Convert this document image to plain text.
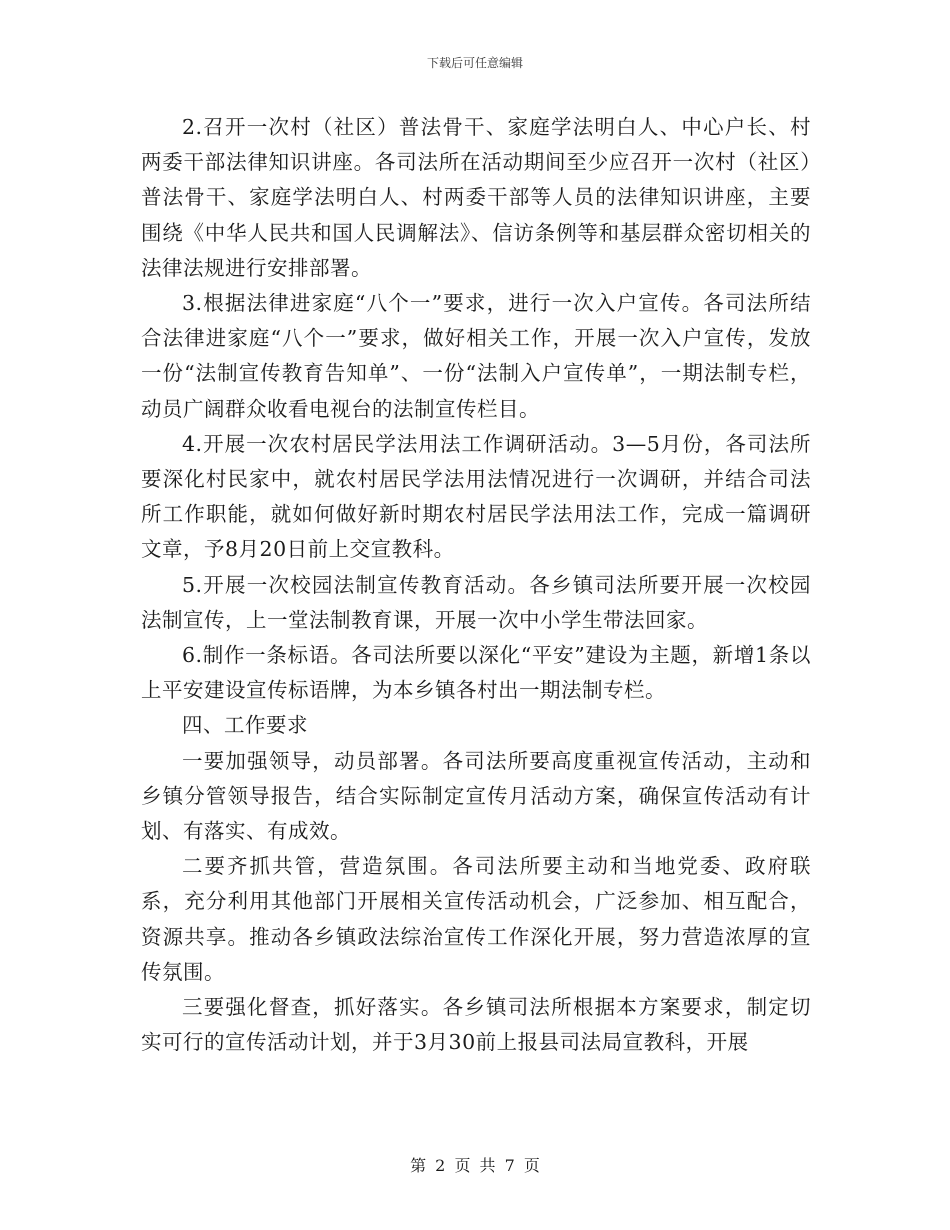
下载后可任意编辑

2.召开一次村（社区）普法骨干、家庭学法明白人、中心户长、村两委干部法律知识讲座。各司法所在活动期间至少应召开一次村（社区）普法骨干、家庭学法明白人、村两委干部等人员的法律知识讲座，主要围绕《中华人民共和国人民调解法》、信访条例等和基层群众密切相关的法律法规进行安排部署。

3.根据法律进家庭“八个一”要求，进行一次入户宣传。各司法所结合法律进家庭“八个一”要求，做好相关工作，开展一次入户宣传，发放一份“法制宣传教育告知单”、一份“法制入户宣传单”，一期法制专栏，动员广阔群众收看电视台的法制宣传栏目。

4.开展一次农村居民学法用法工作调研活动。3—5月份，各司法所要深化村民家中，就农村居民学法用法情况进行一次调研，并结合司法所工作职能，就如何做好新时期农村居民学法用法工作，完成一篇调研文章，予8月20日前上交宣教科。

5.开展一次校园法制宣传教育活动。各乡镇司法所要开展一次校园法制宣传，上一堂法制教育课，开展一次中小学生带法回家。

6.制作一条标语。各司法所要以深化“平安”建设为主题，新增1条以上平安建设宣传标语牌，为本乡镇各村出一期法制专栏。

四、工作要求

一要加强领导，动员部署。各司法所要高度重视宣传活动，主动和乡镇分管领导报告，结合实际制定宣传月活动方案，确保宣传活动有计划、有落实、有成效。

二要齐抓共管，营造氛围。各司法所要主动和当地党委、政府联系，充分利用其他部门开展相关宣传活动机会，广泛参加、相互配合，资源共享。推动各乡镇政法综治宣传工作深化开展，努力营造浓厚的宣传氛围。

三要强化督查，抓好落实。各乡镇司法所根据本方案要求，制定切实可行的宣传活动计划，并于3月30前上报县司法局宣教科，开展

第 2 页 共 7 页
